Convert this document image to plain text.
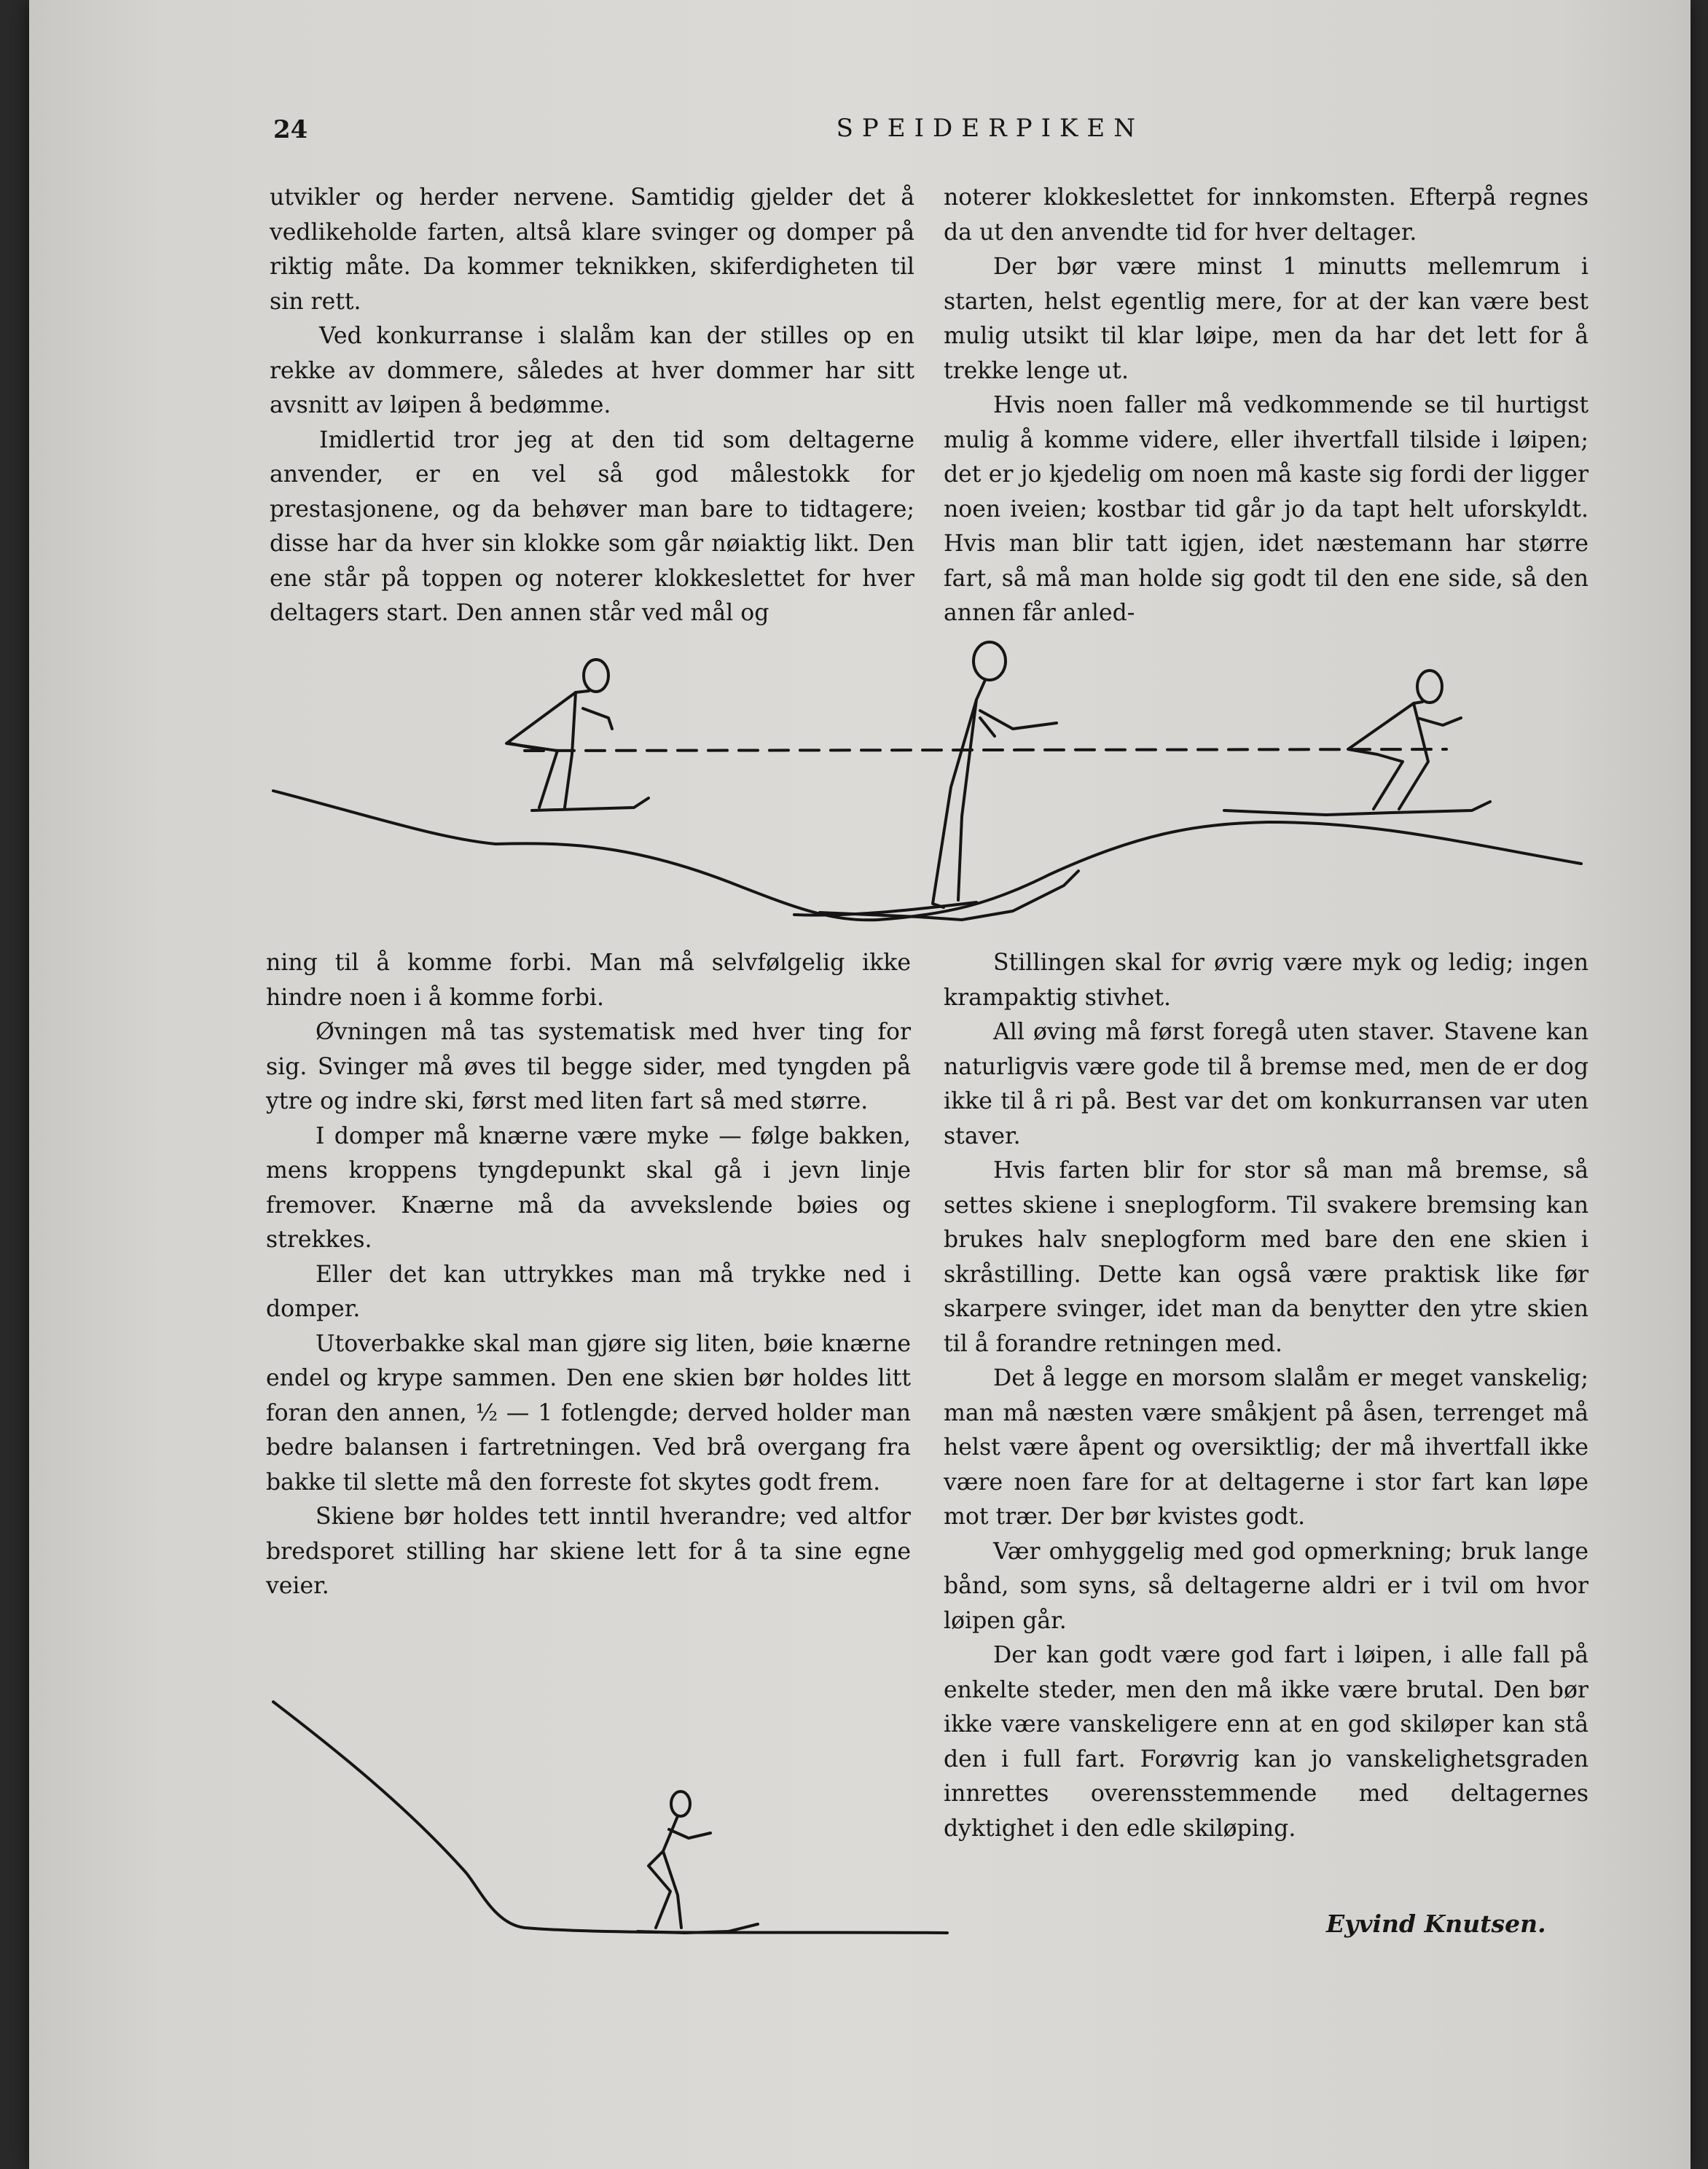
24	SPEIDERPIKEN

utvikler og herder nervene. Samtidig gjelder det å vedlikeholde farten, altså klare svinger og domper på riktig måte. Da kommer teknikken, skiferdigheten til sin rett.

Ved konkurranse i slalåm kan der stilles op en rekke av dommere, således at hver dommer har sitt avsnitt av løipen å bedømme.

Imidlertid tror jeg at den tid som deltagerne anvender, er en vel så god målestokk for prestasjonene, og da behøver man bare to tidtagere; disse har da hver sin klokke som går nøiaktig likt. Den ene står på toppen og noterer klokkeslettet for hver deltagers start. Den annen står ved mål og

noterer klokkeslettet for innkomsten. Efterpå regnes da ut den anvendte tid for hver deltager.

Der bør være minst 1 minutts mellemrum i starten, helst egentlig mere, for at der kan være best mulig utsikt til klar løipe, men da har det lett for å trekke lenge ut.

Hvis noen faller må vedkommende se til hurtigst mulig å komme videre, eller ihvertfall tilside i løipen; det er jo kjedelig om noen må kaste sig fordi der ligger noen iveien; kostbar tid går jo da tapt helt uforskyldt. Hvis man blir tatt igjen, idet næstemann har større fart, så må man holde sig godt til den ene side, så den annen får anled-

ning til å komme forbi. Man må selvfølgelig ikke hindre noen i å komme forbi.

Øvningen må tas systematisk med hver ting for sig. Svinger må øves til begge sider, med tyngden på ytre og indre ski, først med liten fart så med større.

I domper må knærne være myke — følge bakken, mens kroppens tyngdepunkt skal gå i jevn linje fremover. Knærne må da avvekslende bøies og strekkes.

Eller det kan uttrykkes man må trykke ned i domper.

Utoverbakke skal man gjøre sig liten, bøie knærne endel og krype sammen. Den ene skien bør holdes litt foran den annen, ½ — 1 fotlengde; derved holder man bedre balansen i fartretningen. Ved brå overgang fra bakke til slette må den forreste fot skytes godt frem.

Skiene bør holdes tett inntil hverandre; ved altfor bredsporet stilling har skiene lett for å ta sine egne veier.

Stillingen skal for øvrig være myk og ledig; ingen krampaktig stivhet.

All øving må først foregå uten staver. Stavene kan naturligvis være gode til å bremse med, men de er dog ikke til å ri på. Best var det om konkurransen var uten staver.

Hvis farten blir for stor så man må bremse, så settes skiene i sneplogform. Til svakere bremsing kan brukes halv sneplogform med bare den ene skien i skråstilling. Dette kan også være praktisk like før skarpere svinger, idet man da benytter den ytre skien til å forandre retningen med.

Det å legge en morsom slalåm er meget vanskelig; man må næsten være småkjent på åsen, terrenget må helst være åpent og oversiktlig; der må ihvertfall ikke være noen fare for at deltagerne i stor fart kan løpe mot trær. Der bør kvistes godt.

Vær omhyggelig med god opmerkning; bruk lange bånd, som syns, så deltagerne aldri er i tvil om hvor løipen går.

Der kan godt være god fart i løipen, i alle fall på enkelte steder, men den må ikke være brutal. Den bør ikke være vanskeligere enn at en god skiløper kan stå den i full fart. Forøvrig kan jo vanskelighetsgraden innrettes overensstemmende med deltagernes dyktighet i den edle skiløping.

Eyvind Knutsen.
